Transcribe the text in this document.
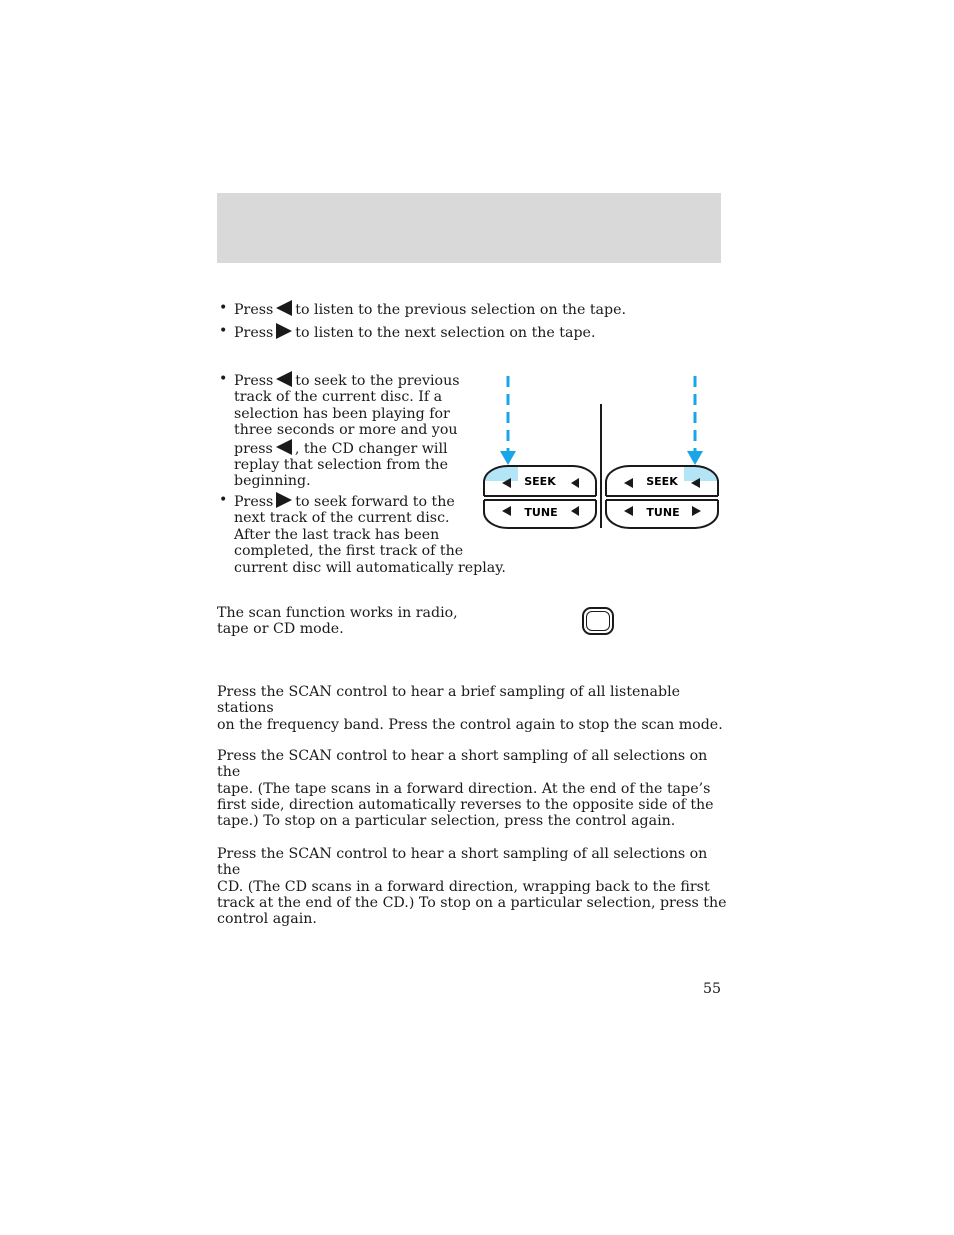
• Press to listen to the previous selection on the tape.
• Press to listen to the next selection on the tape.
• Press to seek to the previous
track of the current disc. If a
selection has been playing for
three seconds or more and you
press , the CD changer will
replay that selection from the
beginning.
• Press to seek forward to the
next track of the current disc.
After the last track has been
completed, the first track of the
current disc will automatically replay.
SEEK
TUNE
SEEK
TUNE
The scan function works in radio,
tape or CD mode.
Press the SCAN control to hear a brief sampling of all listenable stations
on the frequency band. Press the control again to stop the scan mode.
Press the SCAN control to hear a short sampling of all selections on the
tape. (The tape scans in a forward direction. At the end of the tape’s
first side, direction automatically reverses to the opposite side of the
tape.) To stop on a particular selection, press the control again.
Press the SCAN control to hear a short sampling of all selections on the
CD. (The CD scans in a forward direction, wrapping back to the first
track at the end of the CD.) To stop on a particular selection, press the
control again.
55
